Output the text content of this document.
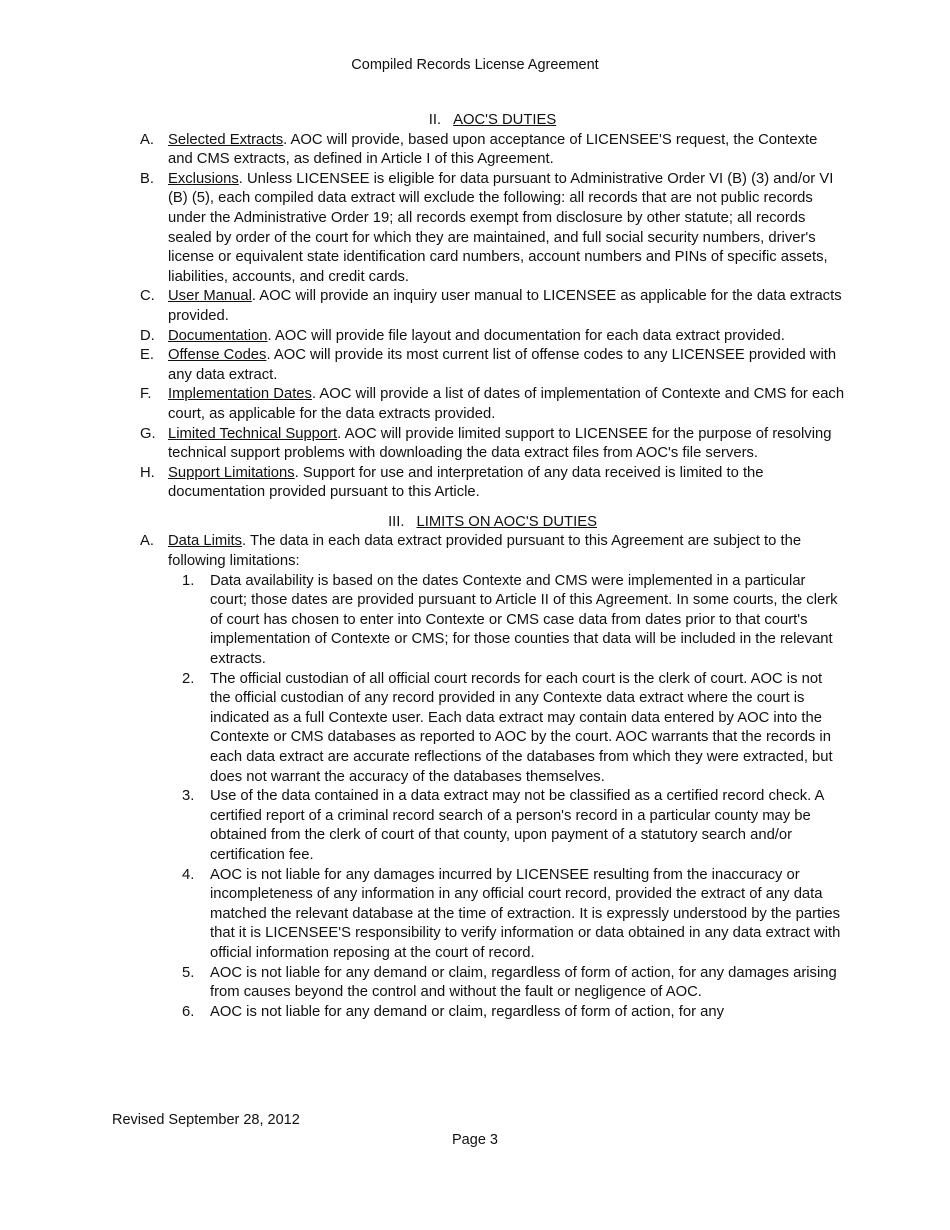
Compiled Records License Agreement

II. AOC'S DUTIES

A. Selected Extracts. AOC will provide, based upon acceptance of LICENSEE'S request, the Contexte and CMS extracts, as defined in Article I of this Agreement.
B. Exclusions. Unless LICENSEE is eligible for data pursuant to Administrative Order VI (B) (3) and/or VI (B) (5), each compiled data extract will exclude the following: all records that are not public records under the Administrative Order 19; all records exempt from disclosure by other statute; all records sealed by order of the court for which they are maintained, and full social security numbers, driver's license or equivalent state identification card numbers, account numbers and PINs of specific assets, liabilities, accounts, and credit cards.
C. User Manual. AOC will provide an inquiry user manual to LICENSEE as applicable for the data extracts provided.
D. Documentation. AOC will provide file layout and documentation for each data extract provided.
E. Offense Codes. AOC will provide its most current list of offense codes to any LICENSEE provided with any data extract.
F.	Implementation Dates. AOC will provide a list of dates of implementation of Contexte and CMS for each court, as applicable for the data extracts provided.
G. Limited Technical Support. AOC will provide limited support to LICENSEE for the purpose of resolving technical support problems with downloading the data extract files from AOC's file servers.
H. Support Limitations. Support for use and interpretation of any data received is limited to the documentation provided pursuant to this Article.

III. LIMITS ON AOC'S DUTIES

A. Data Limits. The data in each data extract provided pursuant to this Agreement are subject to the following limitations:
1.	Data availability is based on the dates Contexte and CMS were implemented in a particular court; those dates are provided pursuant to Article II of this Agreement. In some courts, the clerk of court has chosen to enter into Contexte or CMS case data from dates prior to that court's implementation of Contexte or CMS; for those counties that data will be included in the relevant extracts.
2.	The official custodian of all official court records for each court is the clerk of court. AOC is not the official custodian of any record provided in any Contexte data extract where the court is indicated as a full Contexte user. Each data extract may contain data entered by AOC into the Contexte or CMS databases as reported to AOC by the court. AOC warrants that the records in each data extract are accurate reflections of the databases from which they were extracted, but does not warrant the accuracy of the databases themselves.
3.	Use of the data contained in a data extract may not be classified as a certified record check. A certified report of a criminal record search of a person's record in a particular county may be obtained from the clerk of court of that county, upon payment of a statutory search and/or certification fee.
4.	AOC is not liable for any damages incurred by LICENSEE resulting from the inaccuracy or incompleteness of any information in any official court record, provided the extract of any data matched the relevant database at the time of extraction. It is expressly understood by the parties that it is LICENSEE'S responsibility to verify information or data obtained in any data extract with official information reposing at the court of record.
5.	AOC is not liable for any demand or claim, regardless of form of action, for any damages arising from causes beyond the control and without the fault or negligence of AOC.
6.	AOC is not liable for any demand or claim, regardless of form of action, for any
Revised September 28, 2012
Page 3
